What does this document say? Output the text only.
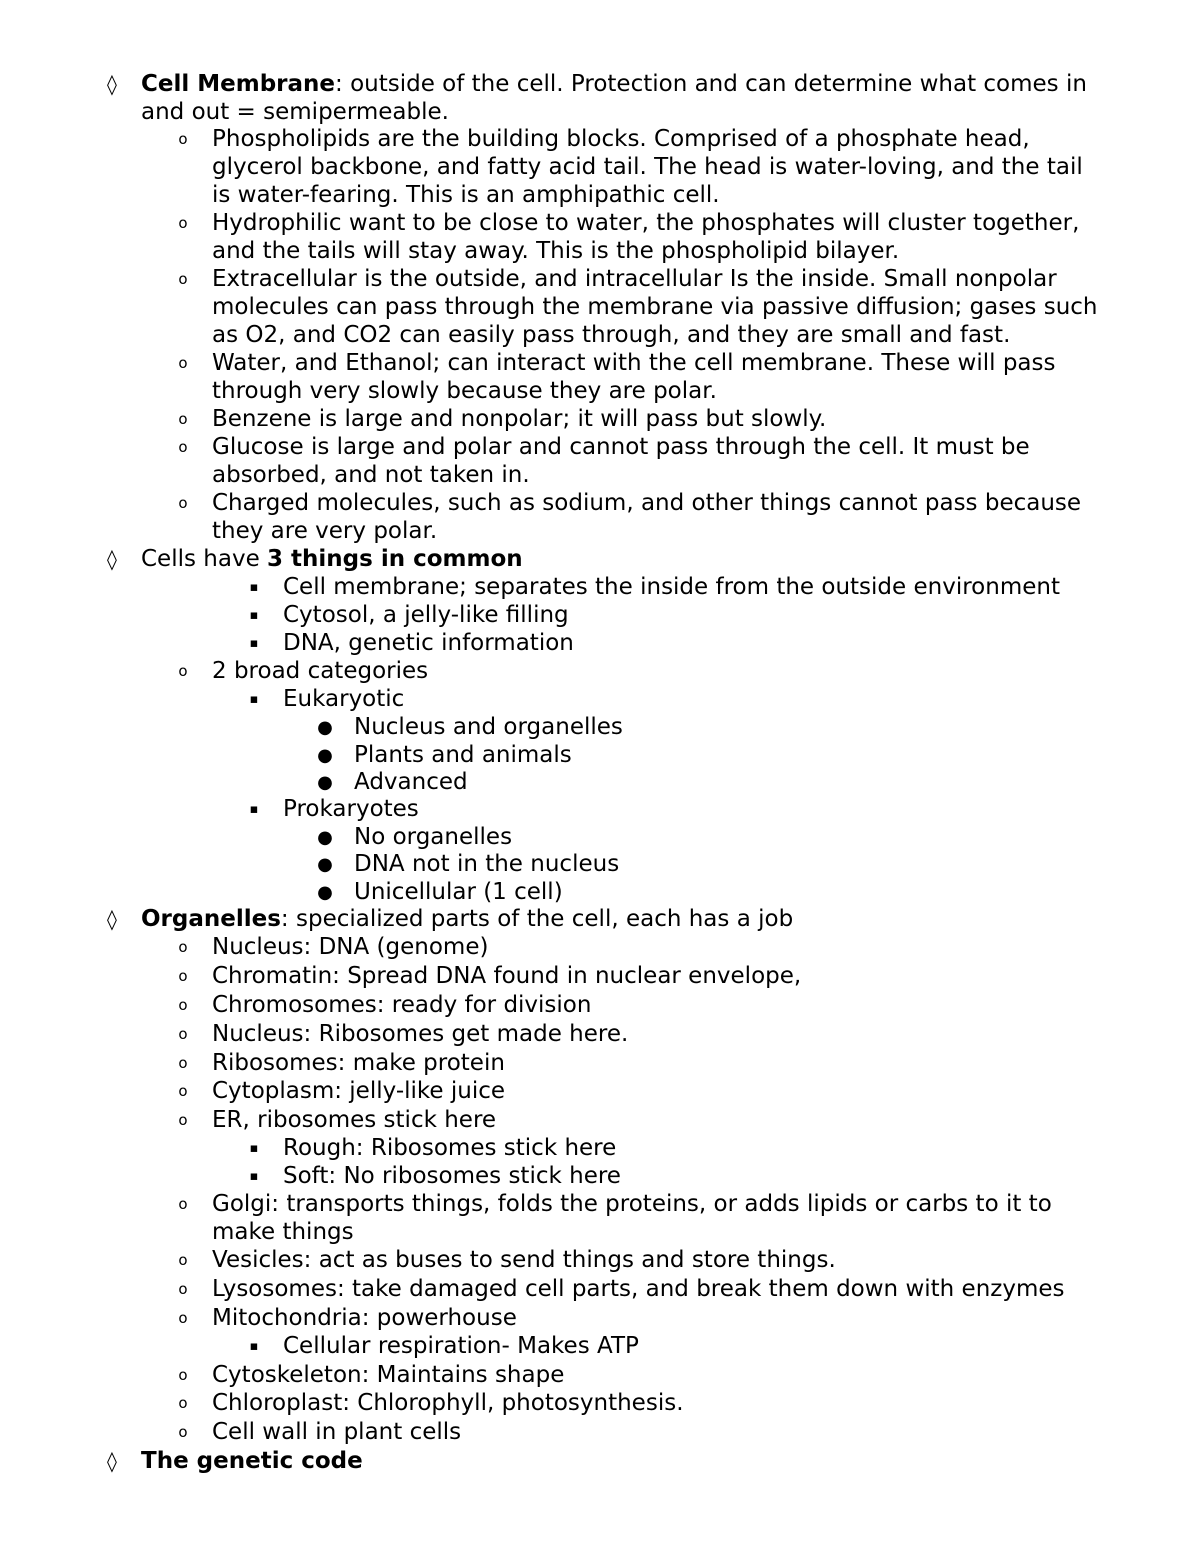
◊	Cell Membrane: outside of the cell. Protection and can determine what comes in
and out = semipermeable.
o	Phospholipids are the building blocks. Comprised of a phosphate head,
glycerol backbone, and fatty acid tail. The head is water-loving, and the tail
is water-fearing. This is an amphipathic cell.
o	Hydrophilic want to be close to water, the phosphates will cluster together,
and the tails will stay away. This is the phospholipid bilayer.
o	Extracellular is the outside, and intracellular Is the inside. Small nonpolar
molecules can pass through the membrane via passive diffusion; gases such
as O2, and CO2 can easily pass through, and they are small and fast.
o	Water, and Ethanol; can interact with the cell membrane. These will pass
through very slowly because they are polar.
o	Benzene is large and nonpolar; it will pass but slowly.
o	Glucose is large and polar and cannot pass through the cell. It must be
absorbed, and not taken in.
o	Charged molecules, such as sodium, and other things cannot pass because
they are very polar.
◊	Cells have 3 things in common
▪	Cell membrane; separates the inside from the outside environment
▪	Cytosol, a jelly-like filling
▪	DNA, genetic information
o	2 broad categories
▪	Eukaryotic
● Nucleus and organelles
● Plants and animals
● Advanced
▪	Prokaryotes
● No organelles
● DNA not in the nucleus
● Unicellular (1 cell)
◊	Organelles: specialized parts of the cell, each has a job
o	Nucleus: DNA (genome)
o	Chromatin: Spread DNA found in nuclear envelope,
o	Chromosomes: ready for division
o	Nucleus: Ribosomes get made here.
o	Ribosomes: make protein
o	Cytoplasm: jelly-like juice
o	ER, ribosomes stick here
▪	Rough: Ribosomes stick here
▪	Soft: No ribosomes stick here
o	Golgi: transports things, folds the proteins, or adds lipids or carbs to it to
make things
o	Vesicles: act as buses to send things and store things.
o	Lysosomes: take damaged cell parts, and break them down with enzymes
o	Mitochondria: powerhouse
▪	Cellular respiration- Makes ATP
o	Cytoskeleton: Maintains shape
o	Chloroplast: Chlorophyll, photosynthesis.
o	Cell wall in plant cells
◊	The genetic code
